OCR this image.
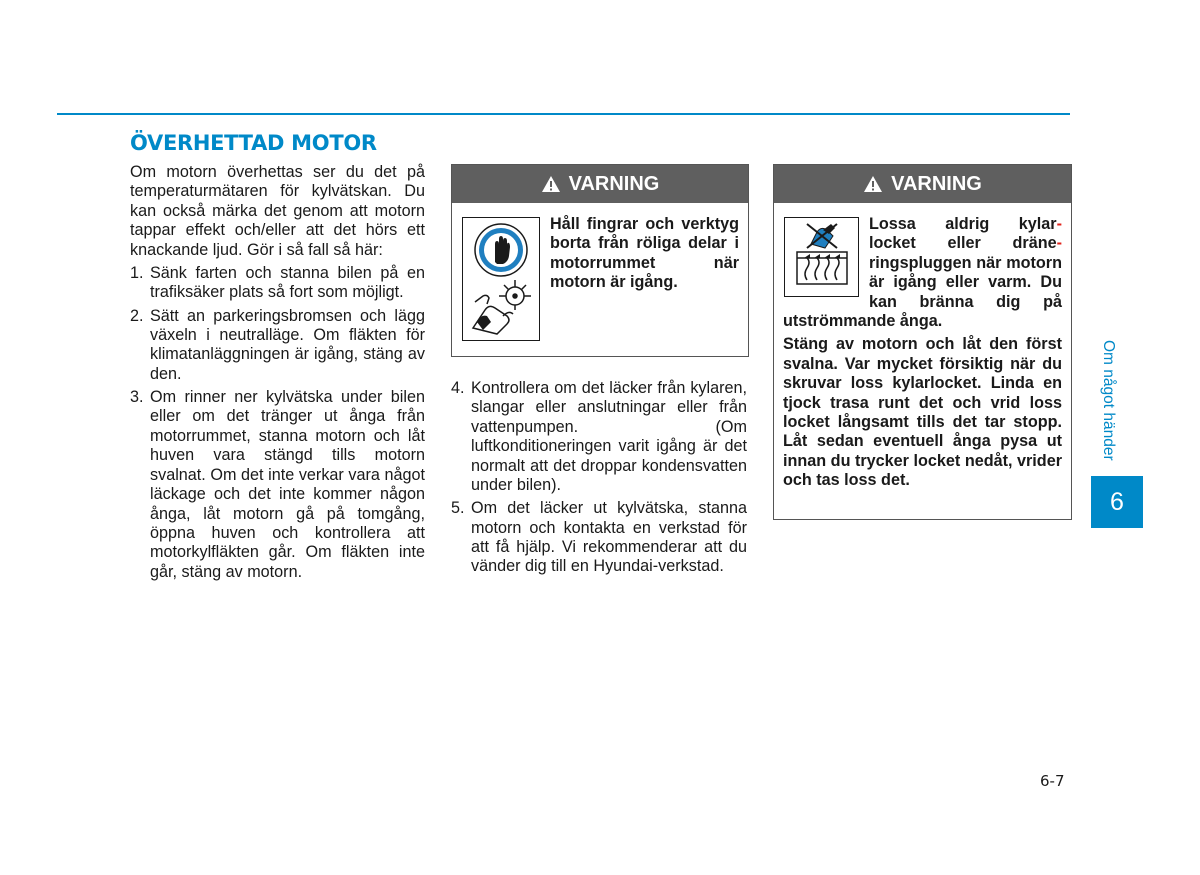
ÖVERHETTAD MOTOR

Om motorn överhettas ser du det på temperaturmätaren för kylvätskan. Du kan också märka det genom att motorn tappar effekt och/eller att det hörs ett knackande ljud. Gör i så fall så här:

1. Sänk farten och stanna bilen på en trafiksäker plats så fort som möjligt.
2. Sätt an parkeringsbromsen och lägg växeln i neutralläge. Om fläkten för klimatanläggningen är igång, stäng av den.
3. Om rinner ner kylvätska under bilen eller om det tränger ut ånga från motorrummet, stanna motorn och låt huven vara stängd tills motorn svalnat. Om det inte verkar vara något läckage och det inte kommer någon ånga, låt motorn gå på tomgång, öppna huven och kontrollera att motorkylfläkten går. Om fläkten inte går, stäng av motorn.
VARNING

Håll fingrar och verktyg borta från röliga delar i motorrummet när motorn är igång.

4. Kontrollera om det läcker från kylaren, slangar eller anslutningar eller från vattenpumpen. (Om luftkonditioneringen varit igång är det normalt att det droppar kondensvatten under bilen).
5. Om det läcker ut kylvätska, stanna motorn och kontakta en verkstad för att få hjälp. Vi rekommenderar att du vänder dig till en Hyundai-verkstad.
VARNING

Lossa aldrig kylar- locket eller dräne- ringspluggen när motorn är igång eller varm. Du kan bränna dig på utströmmande ånga.

Stäng av motorn och låt den först svalna. Var mycket försiktig när du skruvar loss kylarlocket. Linda en tjock trasa runt det och vrid loss locket långsamt tills det tar stopp. Låt sedan eventuell ånga pysa ut innan du trycker locket nedåt, vrider och tas loss det.

Om något händer
6
6-7
